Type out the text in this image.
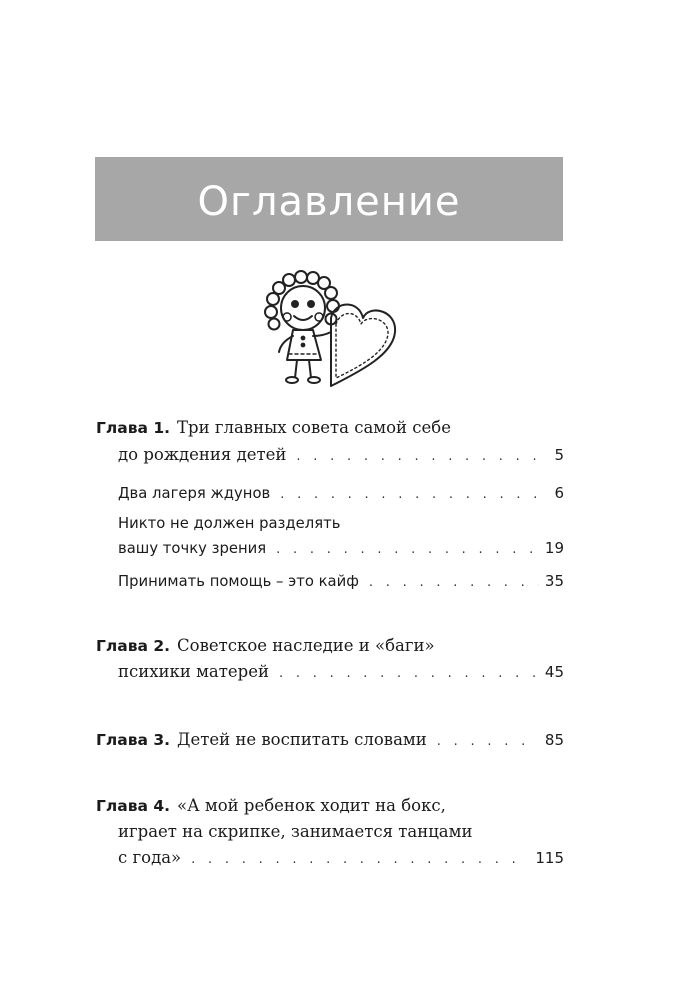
Оглавление
Глава 1. Три главных совета самой себе
до рождения детей . . .	5
Два лагеря ждунов . . .	6
Никто не должен разделять
вашу точку зрения . . .	19
Принимать помощь – это кайф . . .	35
Глава 2. Советское наследие и «баги»
психики матерей . . .	45
Глава 3. Детей не воспитать словами . . .	85
Глава 4. «А мой ребенок ходит на бокс,
играет на скрипке, занимается танцами
с года» . . .	115
